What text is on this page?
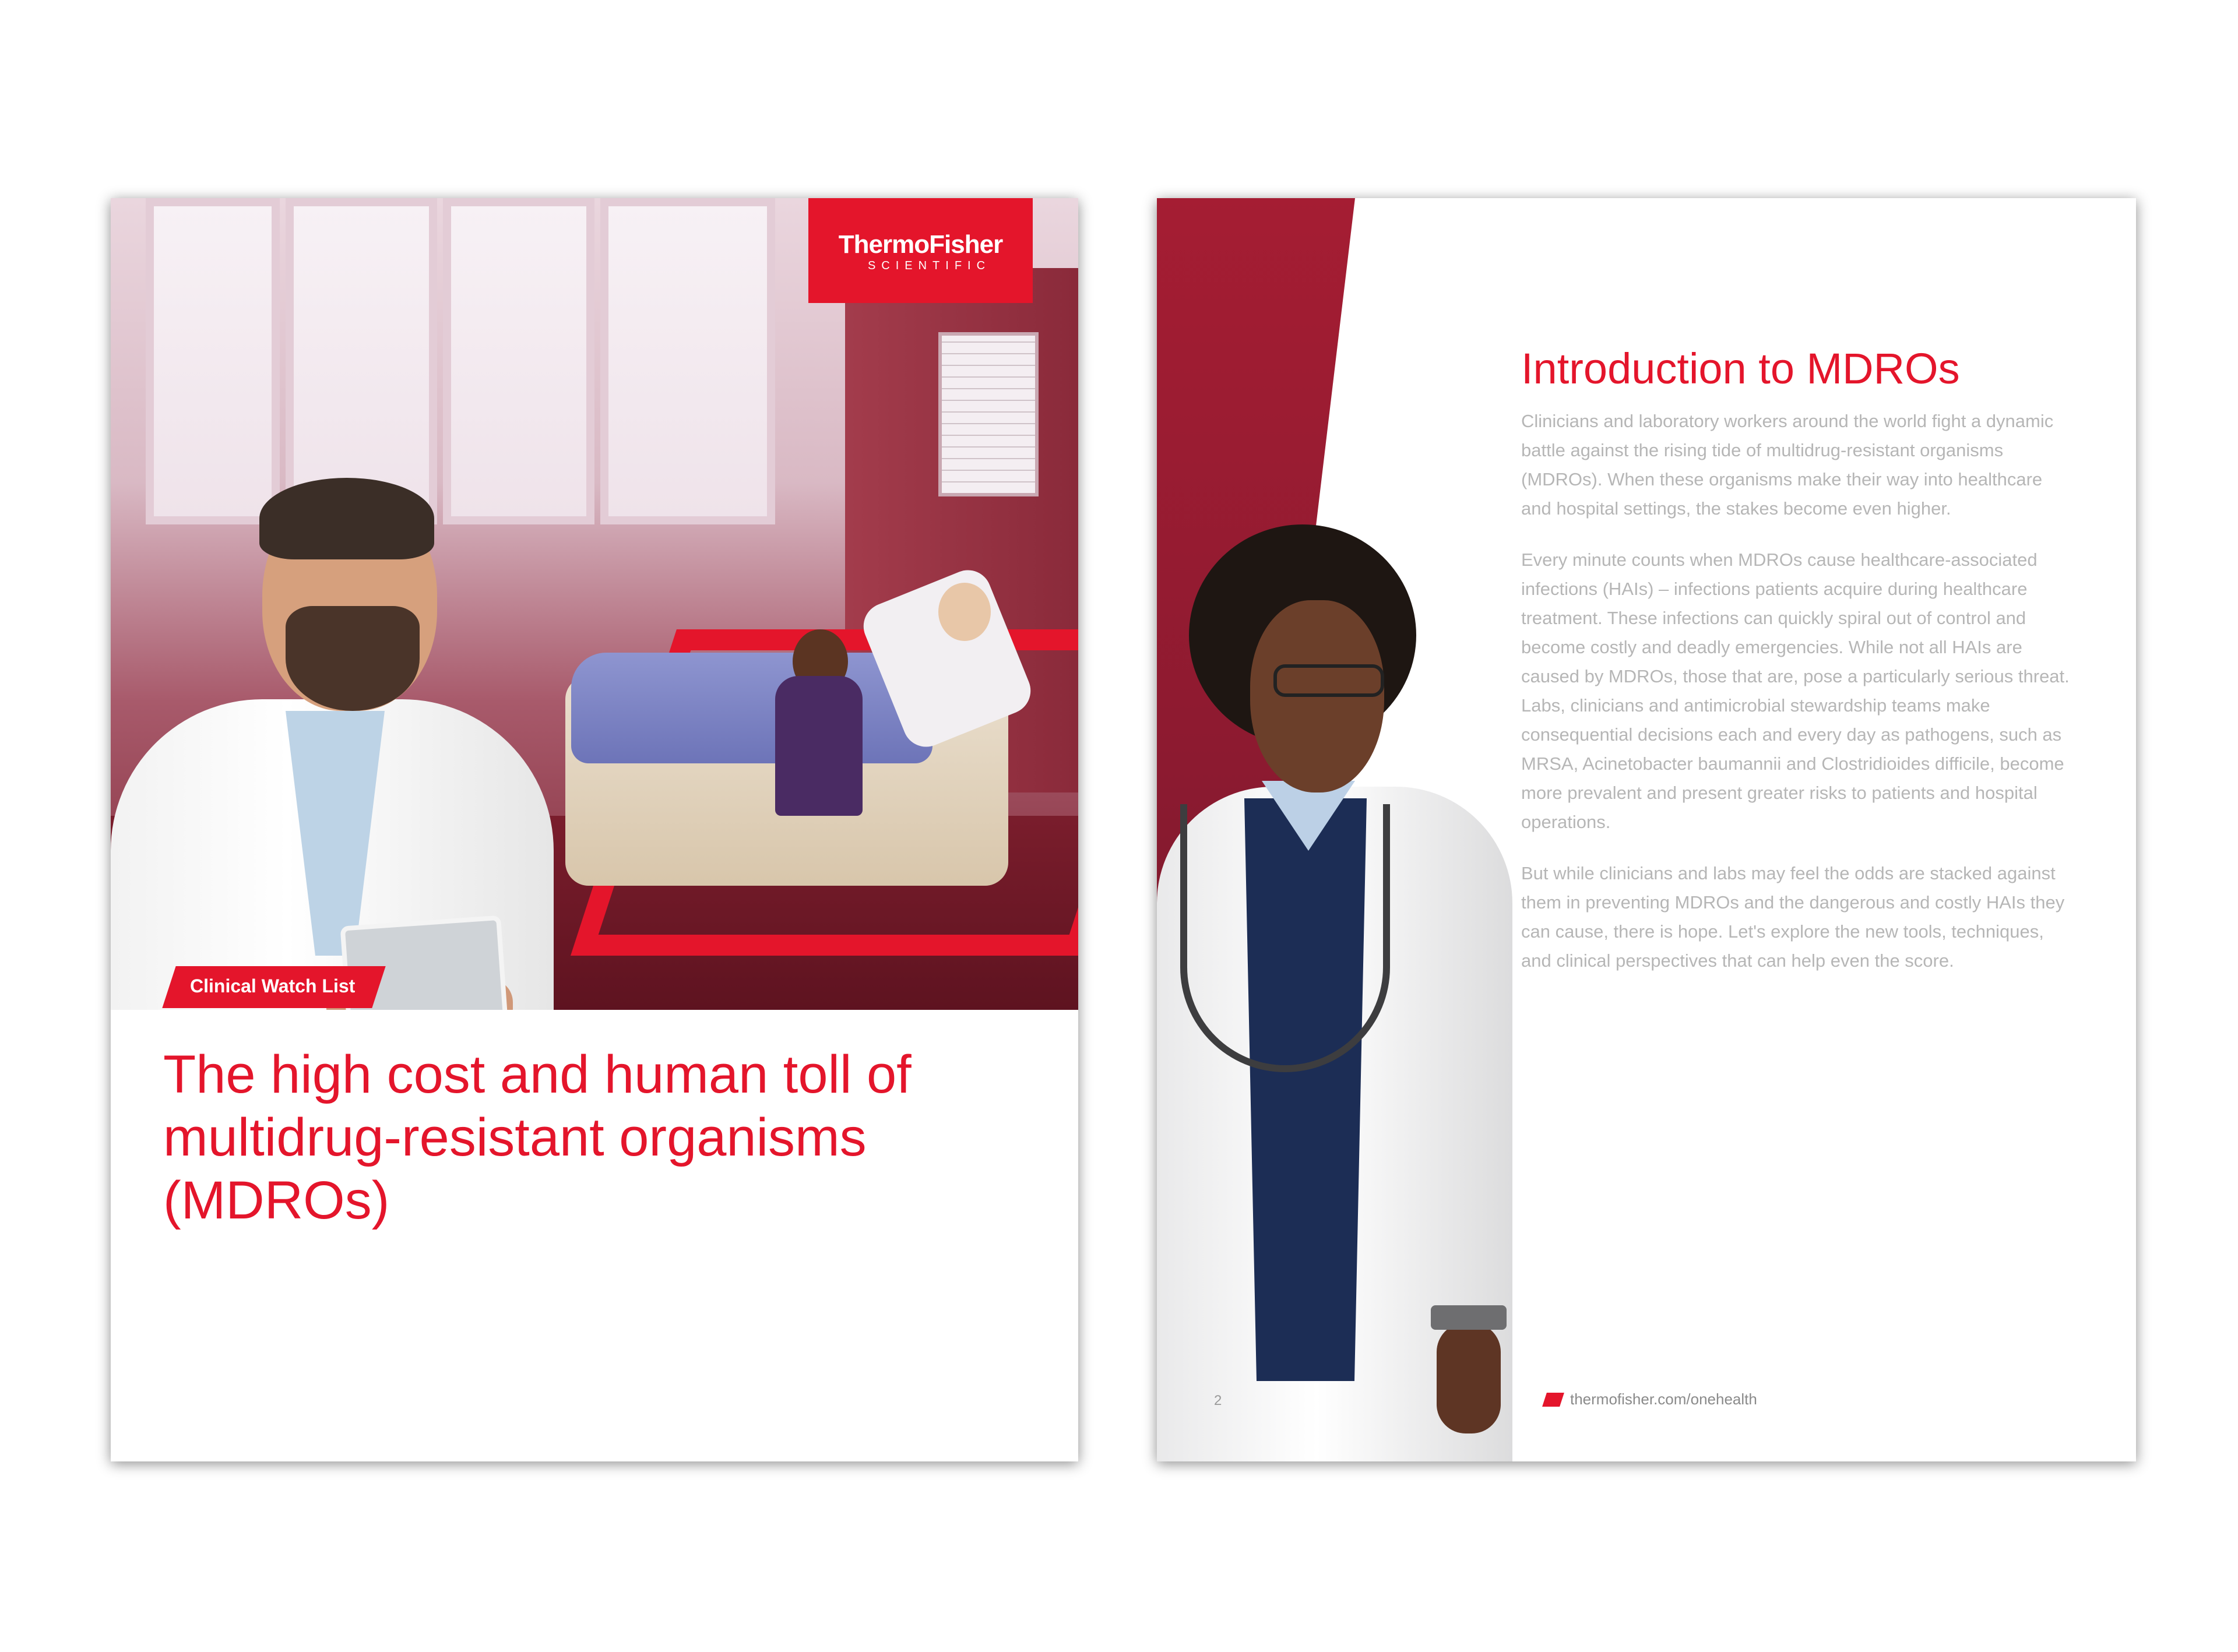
ThermoFisher
SCIENTIFIC
Clinical Watch List
The high cost and human toll of multidrug-resistant organisms (MDROs)
Introduction to MDROs

Clinicians and laboratory workers around the world fight a dynamic battle against the rising tide of multidrug-resistant organisms (MDROs). When these organisms make their way into healthcare and hospital settings, the stakes become even higher.

Every minute counts when MDROs cause healthcare-associated infections (HAIs) – infections patients acquire during healthcare treatment. These infections can quickly spiral out of control and become costly and deadly emergencies. While not all HAIs are caused by MDROs, those that are, pose a particularly serious threat. Labs, clinicians and antimicrobial stewardship teams make consequential decisions each and every day as pathogens, such as MRSA, Acinetobacter baumannii and Clostridioides difficile, become more prevalent and present greater risks to patients and hospital operations.

But while clinicians and labs may feel the odds are stacked against them in preventing MDROs and the dangerous and costly HAIs they can cause, there is hope. Let's explore the new tools, techniques, and clinical perspectives that can help even the score.

2	thermofisher.com/onehealth
